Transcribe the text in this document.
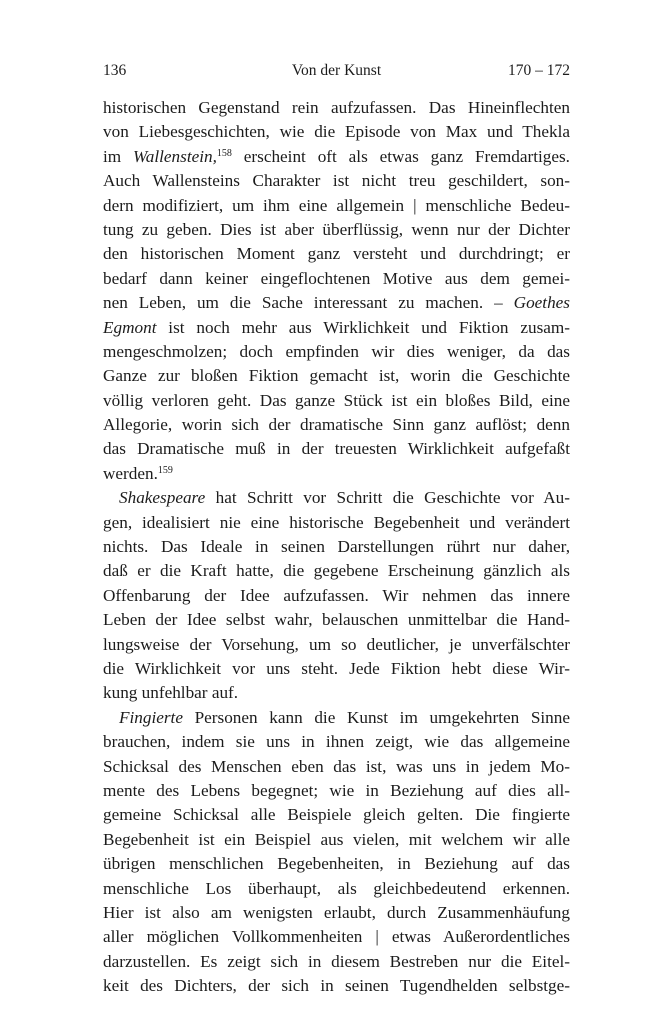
136	Von der Kunst	170 – 172
historischen Gegenstand rein aufzufassen. Das Hineinflechten
von Liebesgeschichten, wie die Episode von Max und Thekla
im Wallenstein,$^{158}$ erscheint oft als etwas ganz Fremdartiges.
Auch Wallensteins Charakter ist nicht treu geschildert, son-
dern modifiziert, um ihm eine allgemein | menschliche Bedeu-
tung zu geben. Dies ist aber überflüssig, wenn nur der Dichter
den historischen Moment ganz versteht und durchdringt; er
bedarf dann keiner eingeflochtenen Motive aus dem gemei-
nen Leben, um die Sache interessant zu machen. – Goethes
Egmont ist noch mehr aus Wirklichkeit und Fiktion zusam-
mengeschmolzen; doch empfinden wir dies weniger, da das
Ganze zur bloßen Fiktion gemacht ist, worin die Geschichte
völlig verloren geht. Das ganze Stück ist ein bloßes Bild, eine
Allegorie, worin sich der dramatische Sinn ganz auflöst; denn
das Dramatische muß in der treuesten Wirklichkeit aufgefaßt
werden.$^{159}$
Shakespeare hat Schritt vor Schritt die Geschichte vor Au-
gen, idealisiert nie eine historische Begebenheit und verändert
nichts. Das Ideale in seinen Darstellungen rührt nur daher,
daß er die Kraft hatte, die gegebene Erscheinung gänzlich als
Offenbarung der Idee aufzufassen. Wir nehmen das innere
Leben der Idee selbst wahr, belauschen unmittelbar die Hand-
lungsweise der Vorsehung, um so deutlicher, je unverfälschter
die Wirklichkeit vor uns steht. Jede Fiktion hebt diese Wir-
kung unfehlbar auf.
Fingierte Personen kann die Kunst im umgekehrten Sinne
brauchen, indem sie uns in ihnen zeigt, wie das allgemeine
Schicksal des Menschen eben das ist, was uns in jedem Mo-
mente des Lebens begegnet; wie in Beziehung auf dies all-
gemeine Schicksal alle Beispiele gleich gelten. Die fingierte
Begebenheit ist ein Beispiel aus vielen, mit welchem wir alle
übrigen menschlichen Begebenheiten, in Beziehung auf das
menschliche Los überhaupt, als gleichbedeutend erkennen.
Hier ist also am wenigsten erlaubt, durch Zusammenhäufung
aller möglichen Vollkommenheiten | etwas Außerordentliches
darzustellen. Es zeigt sich in diesem Bestreben nur die Eitel-
keit des Dichters, der sich in seinen Tugendhelden selbstge-
